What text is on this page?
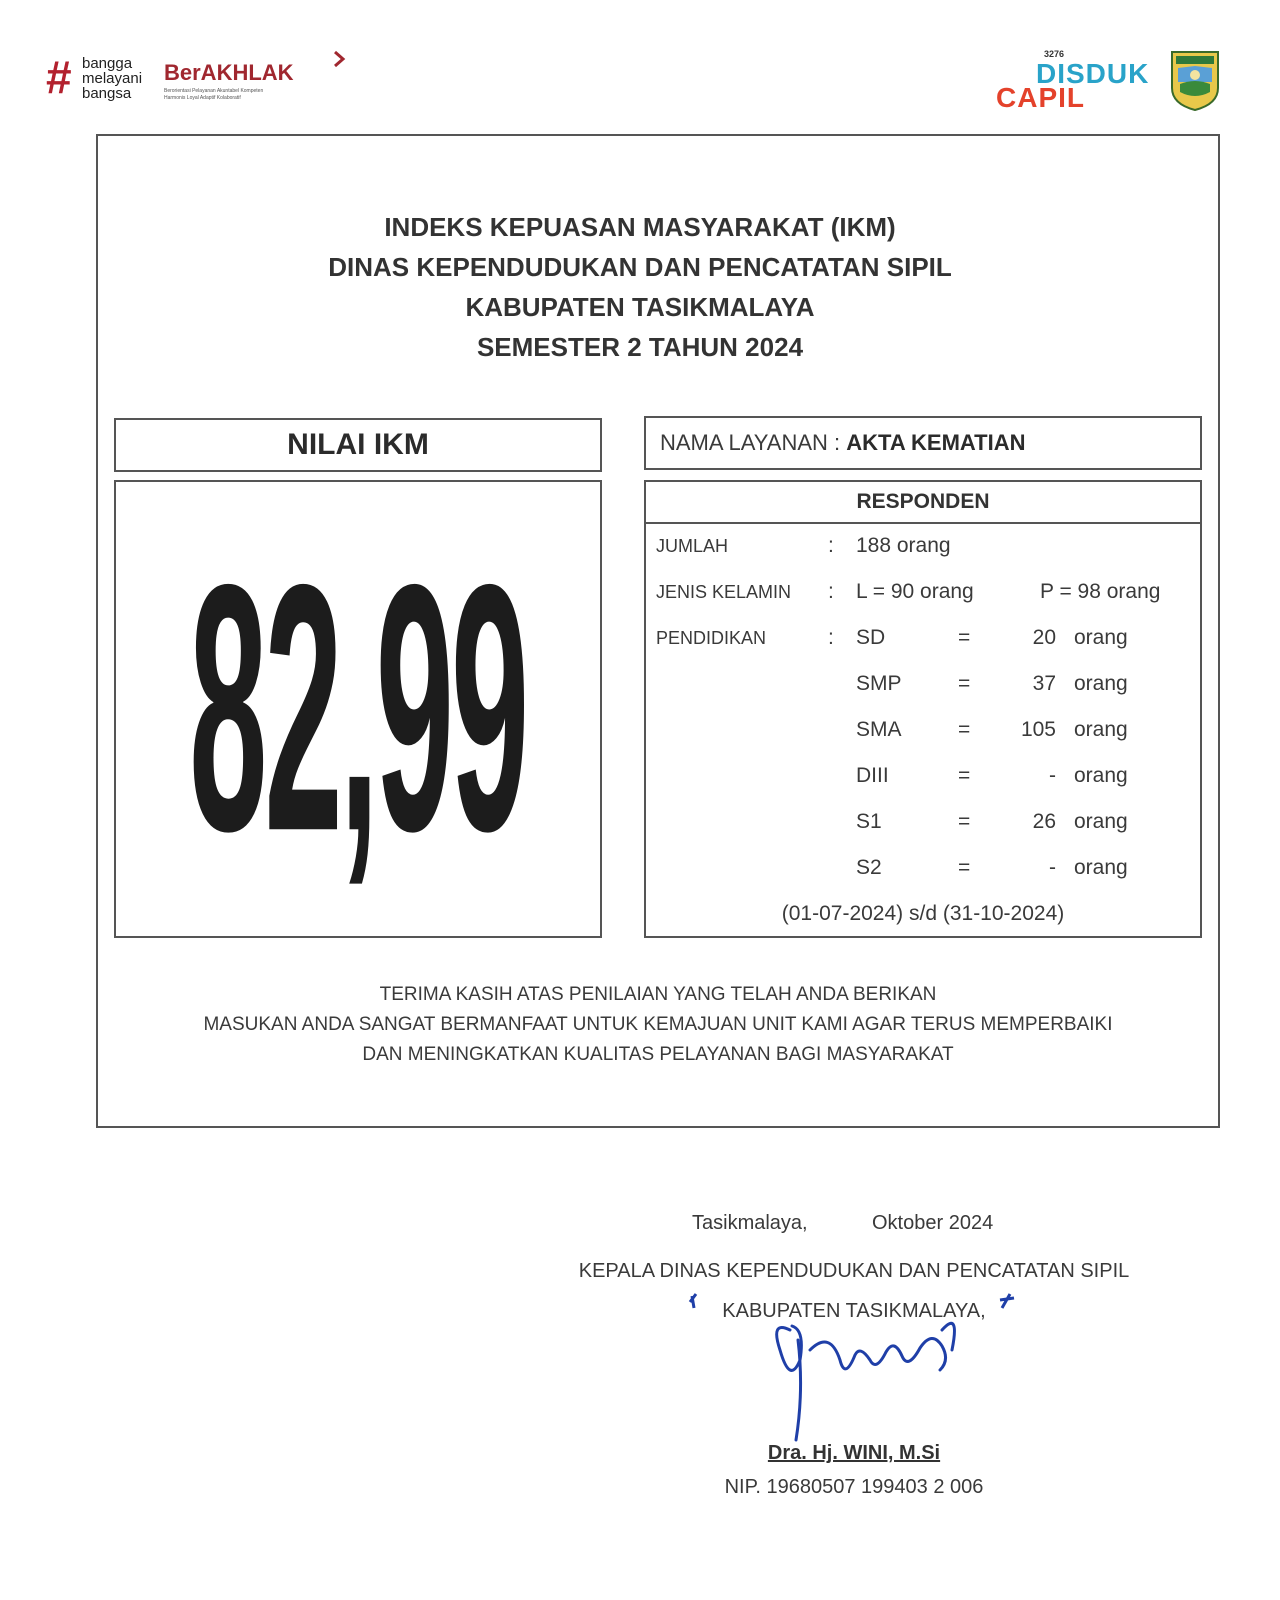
# bangga
melayani
bangsa
BerAKHLAK
Berorientasi Pelayanan Akuntabel Kompeten
Harmonis Loyal Adaptif Kolaboratif
3276
DISDUK
CAPIL
INDEKS KEPUASAN MASYARAKAT (IKM)
DINAS KEPENDUDUKAN DAN PENCATATAN SIPIL
KABUPATEN TASIKMALAYA
SEMESTER 2 TAHUN 2024
NILAI IKM
82,99
NAMA LAYANAN : AKTA KEMATIAN
RESPONDEN
JUMLAH	: 188 orang
JENIS KELAMIN : L = 90 orang	P = 98 orang
PENDIDIKAN	: SD	=	20 orang
SMP	=	37 orang
SMA	=	105 orang
DIII	=	- orang
S1	=	26 orang
S2	=	- orang
(01-07-2024) s/d (31-10-2024)
TERIMA KASIH ATAS PENILAIAN YANG TELAH ANDA BERIKAN
MASUKAN ANDA SANGAT BERMANFAAT UNTUK KEMAJUAN UNIT KAMI AGAR TERUS MEMPERBAIKI
DAN MENINGKATKAN KUALITAS PELAYANAN BAGI MASYARAKAT
Tasikmalaya,	Oktober 2024
KEPALA DINAS KEPENDUDUKAN DAN PENCATATAN SIPIL
KABUPATEN TASIKMALAYA,
Dra. Hj. WINI, M.Si
NIP. 19680507 199403 2 006
